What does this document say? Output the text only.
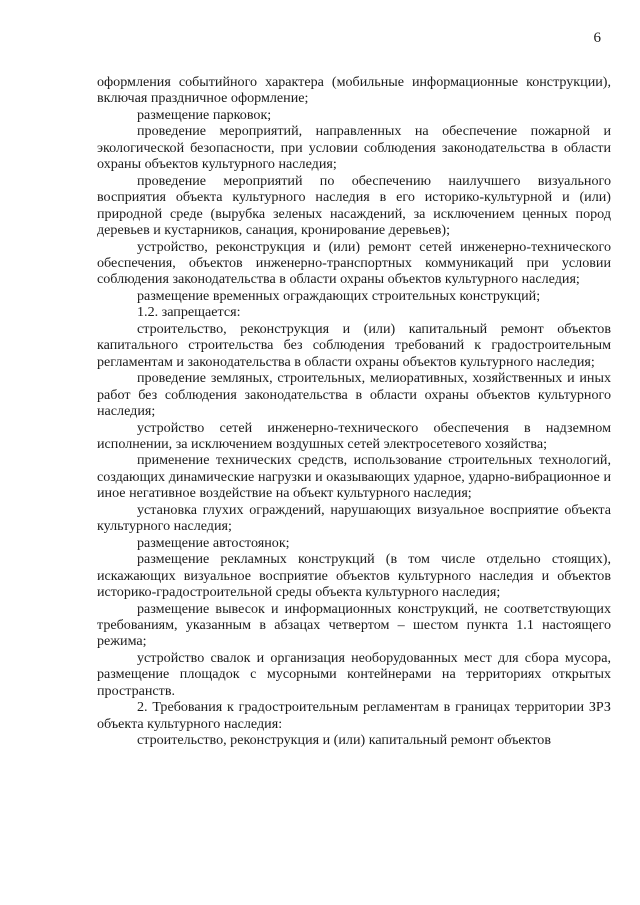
6

оформления событийного характера (мобильные информационные конструкции), включая праздничное оформление;

размещение парковок;

проведение мероприятий, направленных на обеспечение пожарной и экологической безопасности, при условии соблюдения законодательства в области охраны объектов культурного наследия;

проведение мероприятий по обеспечению наилучшего визуального восприятия объекта культурного наследия в его историко-культурной и (или) природной среде (вырубка зеленых насаждений, за исключением ценных пород деревьев и кустарников, санация, кронирование деревьев);

устройство, реконструкция и (или) ремонт сетей инженерно-технического обеспечения, объектов инженерно-транспортных коммуникаций при условии соблюдения законодательства в области охраны объектов культурного наследия;

размещение временных ограждающих строительных конструкций;

1.2. запрещается:

строительство, реконструкция и (или) капитальный ремонт объектов капитального строительства без соблюдения требований к градостроительным регламентам и законодательства в области охраны объектов культурного наследия;

проведение земляных, строительных, мелиоративных, хозяйственных и иных работ без соблюдения законодательства в области охраны объектов культурного наследия;

устройство сетей инженерно-технического обеспечения в надземном исполнении, за исключением воздушных сетей электросетевого хозяйства;

применение технических средств, использование строительных технологий, создающих динамические нагрузки и оказывающих ударное, ударно-вибрационное и иное негативное воздействие на объект культурного наследия;

установка глухих ограждений, нарушающих визуальное восприятие объекта культурного наследия;

размещение автостоянок;

размещение рекламных конструкций (в том числе отдельно стоящих), искажающих визуальное восприятие объектов культурного наследия и объектов историко-градостроительной среды объекта культурного наследия;

размещение вывесок и информационных конструкций, не соответствующих требованиям, указанным в абзацах четвертом – шестом пункта 1.1 настоящего режима;

устройство свалок и организация необорудованных мест для сбора мусора, размещение площадок с мусорными контейнерами на территориях открытых пространств.

2. Требования к градостроительным регламентам в границах территории ЗРЗ объекта культурного наследия:

строительство, реконструкция и (или) капитальный ремонт объектов
